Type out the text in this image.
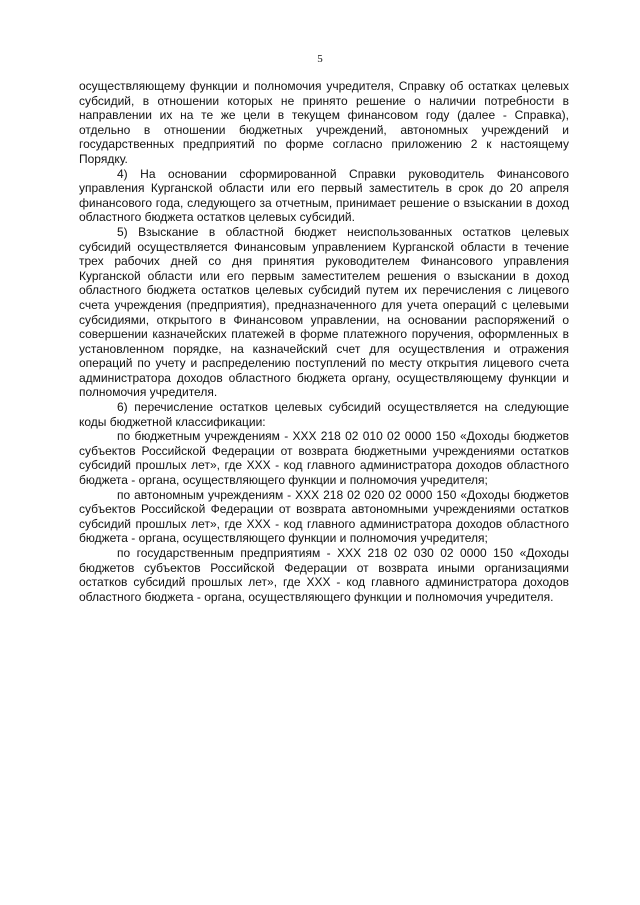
5

осуществляющему функции и полномочия учредителя, Справку об остатках целевых субсидий, в отношении которых не принято решение о наличии потребности в направлении их на те же цели в текущем финансовом году (далее - Справка), отдельно в отношении бюджетных учреждений, автономных учреждений и государственных предприятий по форме согласно приложению 2 к настоящему Порядку.

4) На основании сформированной Справки руководитель Финансового управления Курганской области или его первый заместитель в срок до 20 апреля финансового года, следующего за отчетным, принимает решение о взыскании в доход областного бюджета остатков целевых субсидий.

5) Взыскание в областной бюджет неиспользованных остатков целевых субсидий осуществляется Финансовым управлением Курганской области в течение трех рабочих дней со дня принятия руководителем Финансового управления Курганской области или его первым заместителем решения о взыскании в доход областного бюджета остатков целевых субсидий путем их перечисления с лицевого счета учреждения (предприятия), предназначенного для учета операций с целевыми субсидиями, открытого в Финансовом управлении, на основании распоряжений о совершении казначейских платежей в форме платежного поручения, оформленных в установленном порядке, на казначейский счет для осуществления и отражения операций по учету и распределению поступлений по месту открытия лицевого счета администратора доходов областного бюджета органу, осуществляющему функции и полномочия учредителя.

6) перечисление остатков целевых субсидий осуществляется на следующие коды бюджетной классификации:

по бюджетным учреждениям - ХХХ 218 02 010 02 0000 150 «Доходы бюджетов субъектов Российской Федерации от возврата бюджетными учреждениями остатков субсидий прошлых лет», где ХХХ - код главного администратора доходов областного бюджета - органа, осуществляющего функции и полномочия учредителя;

по автономным учреждениям - ХХХ 218 02 020 02 0000 150 «Доходы бюджетов субъектов Российской Федерации от возврата автономными учреждениями остатков субсидий прошлых лет», где ХХХ - код главного администратора доходов областного бюджета - органа, осуществляющего функции и полномочия учредителя;

по государственным предприятиям - ХХХ 218 02 030 02 0000 150 «Доходы бюджетов субъектов Российской Федерации от возврата иными организациями остатков субсидий прошлых лет», где ХХХ - код главного администратора доходов областного бюджета - органа, осуществляющего функции и полномочия учредителя.
